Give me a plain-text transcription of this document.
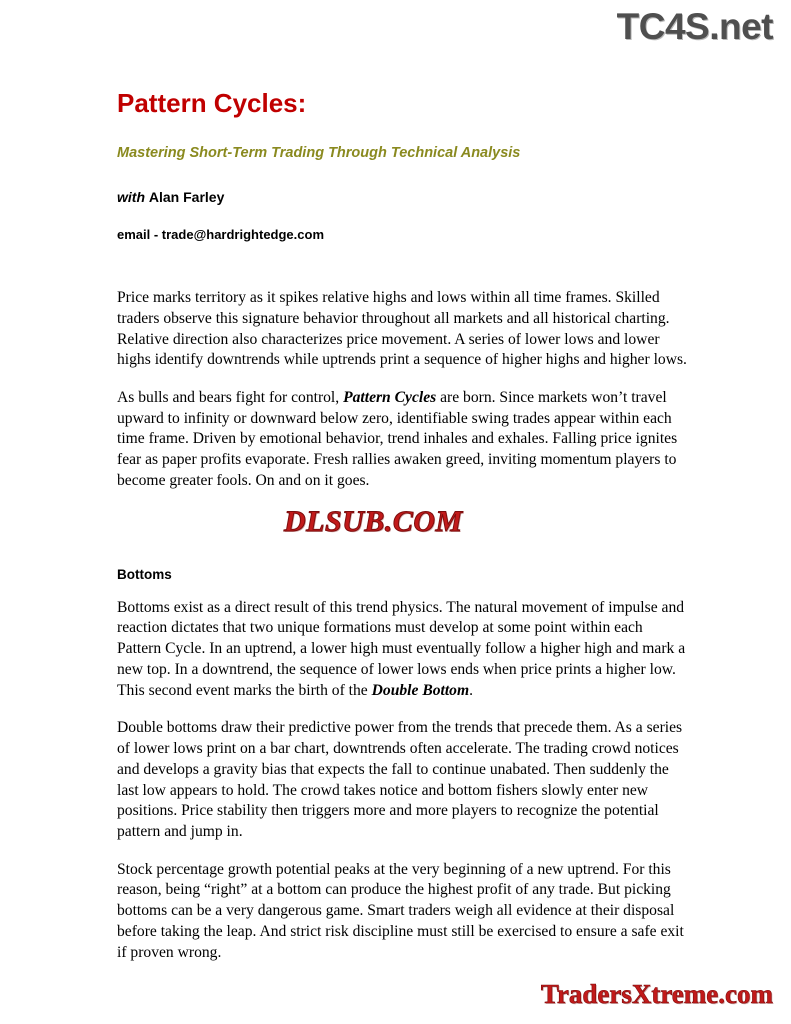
TC4S.net
Pattern Cycles:
Mastering Short-Term Trading Through Technical Analysis
with Alan Farley
email - trade@hardrightedge.com

Price marks territory as it spikes relative highs and lows within all time frames. Skilled traders observe this signature behavior throughout all markets and all historical charting. Relative direction also characterizes price movement. A series of lower lows and lower highs identify downtrends while uptrends print a sequence of higher highs and higher lows.

As bulls and bears fight for control, Pattern Cycles are born. Since markets won’t travel upward to infinity or downward below zero, identifiable swing trades appear within each time frame. Driven by emotional behavior, trend inhales and exhales. Falling price ignites fear as paper profits evaporate. Fresh rallies awaken greed, inviting momentum players to become greater fools. On and on it goes.

DLSUB.COM
Bottoms

Bottoms exist as a direct result of this trend physics. The natural movement of impulse and reaction dictates that two unique formations must develop at some point within each Pattern Cycle. In an uptrend, a lower high must eventually follow a higher high and mark a new top. In a downtrend, the sequence of lower lows ends when price prints a higher low. This second event marks the birth of the Double Bottom.

Double bottoms draw their predictive power from the trends that precede them. As a series of lower lows print on a bar chart, downtrends often accelerate. The trading crowd notices and develops a gravity bias that expects the fall to continue unabated. Then suddenly the last low appears to hold. The crowd takes notice and bottom fishers slowly enter new positions. Price stability then triggers more and more players to recognize the potential pattern and jump in.

Stock percentage growth potential peaks at the very beginning of a new uptrend. For this reason, being “right” at a bottom can produce the highest profit of any trade. But picking bottoms can be a very dangerous game. Smart traders weigh all evidence at their disposal before taking the leap. And strict risk discipline must still be exercised to ensure a safe exit if proven wrong.

TradersXtreme.com
